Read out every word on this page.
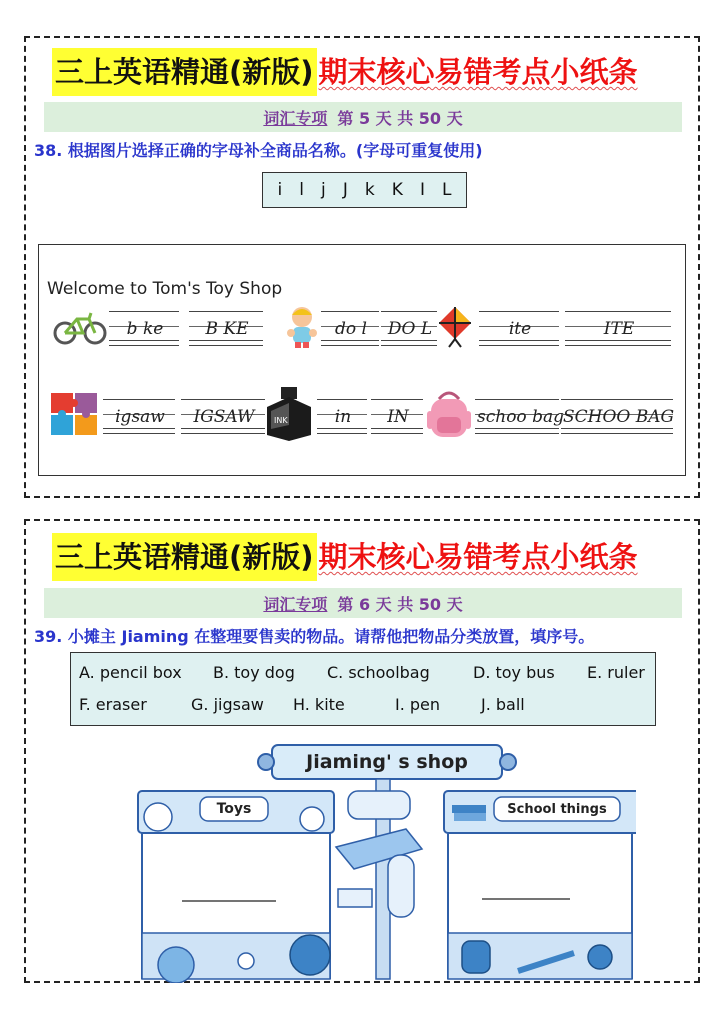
三上英语精通(新版) 期末核心易错考点小纸条
词汇专项 第 5 天 共 50 天
38. 根据图片选择正确的字母补全商品名称。(字母可重复使用)
i l j J k K I L
Welcome to Tom's Toy Shop
b ke	B KE	do l	DO L	ite	ITE
igsaw	IGSAW	INK	in	IN	schoo bag SCHOO BAG
三上英语精通(新版) 期末核心易错考点小纸条
词汇专项 第 6 天 共 50 天
39. 小摊主 Jiaming 在整理要售卖的物品。请帮他把物品分类放置，填序号。
A. pencil box B. toy dog C. schoolbag	D. toy bus E. ruler
F. eraser	G. jigsaw H. kite	I. pen	J. ball
Jiaming' s shop
Toys	School things
